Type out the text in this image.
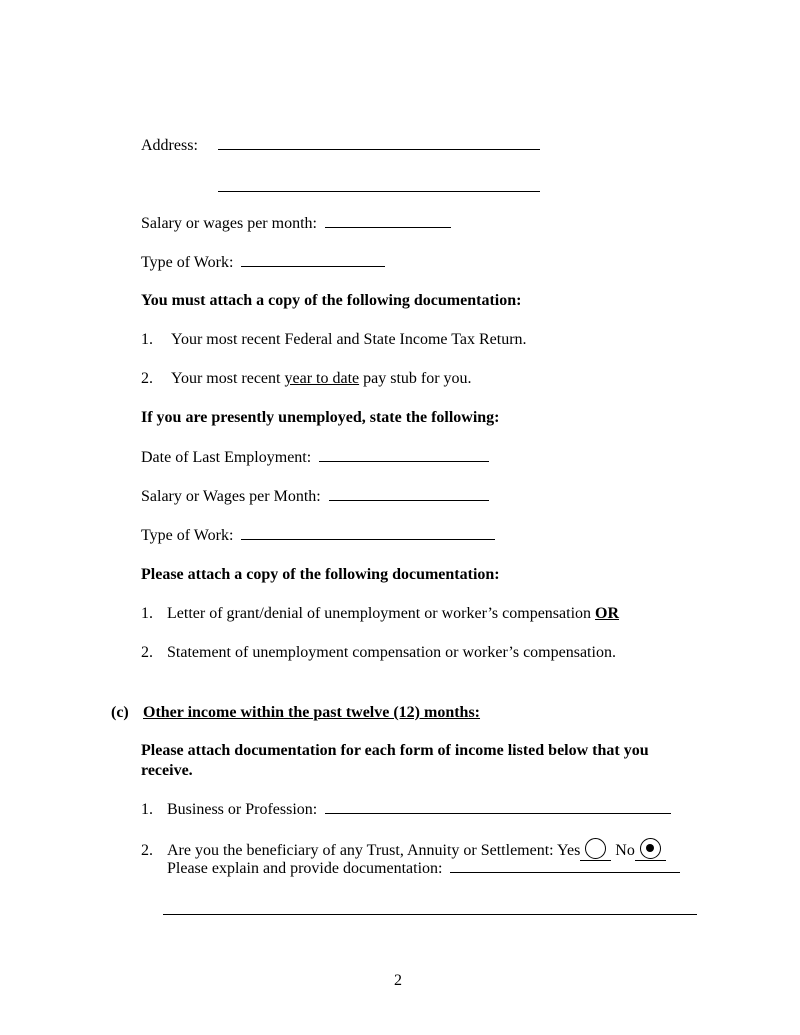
Address:
Salary or wages per month:
Type of Work:
You must attach a copy of the following documentation:
1. Your most recent Federal and State Income Tax Return.
2. Your most recent year to date pay stub for you.
If you are presently unemployed, state the following:
Date of Last Employment:
Salary or Wages per Month:
Type of Work:
Please attach a copy of the following documentation:
1. Letter of grant/denial of unemployment or worker’s compensation OR
2. Statement of unemployment compensation or worker’s compensation.
(c) Other income within the past twelve (12) months:
Please attach documentation for each form of income listed below that you
receive.
1. Business or Profession:
2. Are you the beneficiary of any Trust, Annuity or Settlement: Yes No
Please explain and provide documentation:
2
